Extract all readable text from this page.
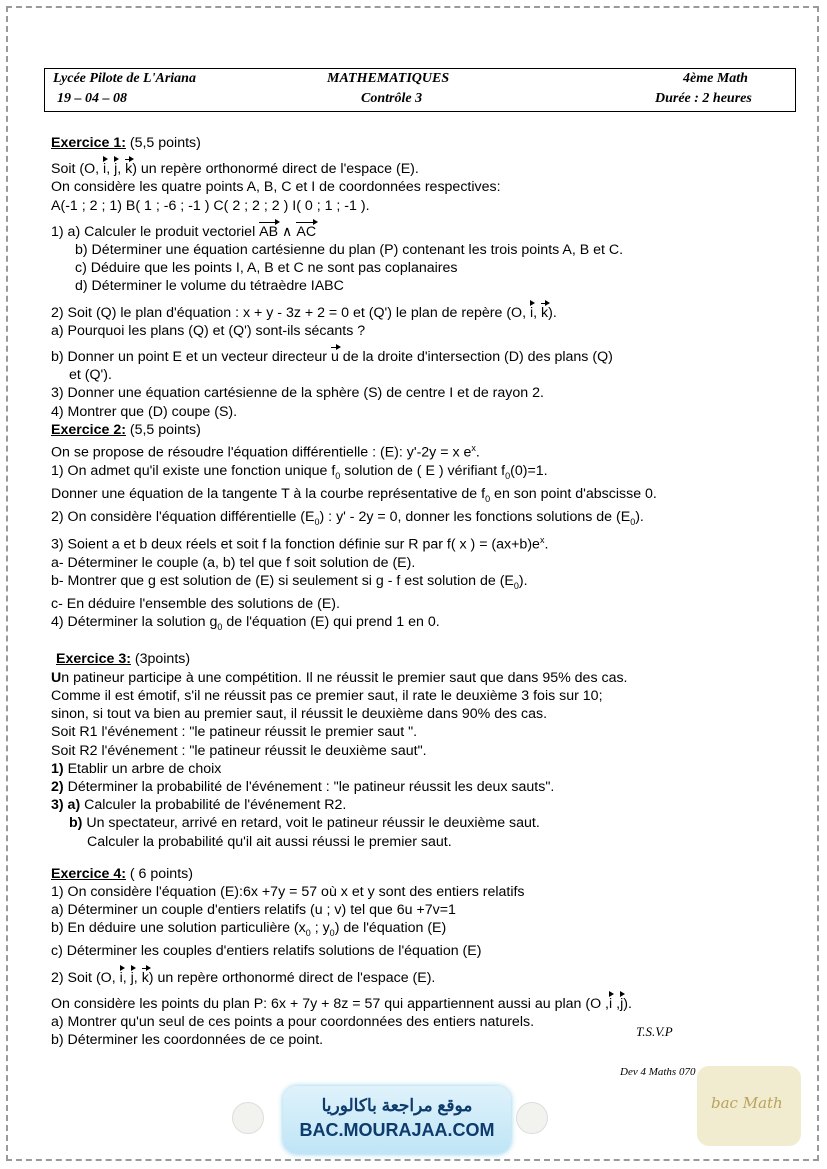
Lycée Pilote de L'Ariana	MATHEMATIQUES	4ème Math
19 – 04 – 08	Contrôle 3	Durée : 2 heures
Exercice 1: (5,5 points)
Soit (O, i, j, k) un repère orthonormé direct de l'espace (E).
On considère les quatre points A, B, C et I de coordonnées respectives:
A(-1 ; 2 ; 1) B( 1 ; -6 ; -1 ) C( 2 ; 2 ; 2 ) I( 0 ; 1 ; -1 ).
1) a) Calculer le produit vectoriel AB ∧ AC
b) Déterminer une équation cartésienne du plan (P) contenant les trois points A, B et C.
c) Déduire que les points I, A, B et C ne sont pas coplanaires
d) Déterminer le volume du tétraèdre IABC
2) Soit (Q) le plan d'équation : x + y - 3z + 2 = 0 et (Q') le plan de repère (O, i, k).
a) Pourquoi les plans (Q) et (Q') sont-ils sécants ?
b) Donner un point E et un vecteur directeur u de la droite d'intersection (D) des plans (Q)
et (Q').
3) Donner une équation cartésienne de la sphère (S) de centre I et de rayon 2.
4) Montrer que (D) coupe (S).
Exercice 2: (5,5 points)
On se propose de résoudre l'équation différentielle : (E): y'-2y = x $e^x$.
1) On admet qu'il existe une fonction unique $f_0$ solution de ( E ) vérifiant $f_0(0)=1$.
Donner une équation de la tangente T à la courbe représentative de $f_0$ en son point d'abscisse 0.
2) On considère l'équation différentielle $(E_0)$ : y' - 2y = 0, donner les fonctions solutions de $(E_0)$.
3) Soient a et b deux réels et soit f la fonction définie sur R par f( x ) = $(ax+b)e^x$.
a- Déterminer le couple (a, b) tel que f soit solution de (E).
b- Montrer que g est solution de (E) si seulement si g - f est solution de $(E_0)$.
c- En déduire l'ensemble des solutions de (E).
4) Déterminer la solution $g_0$ de l'équation (E) qui prend 1 en 0.
Exercice 3: (3points)
Un patineur participe à une compétition. Il ne réussit le premier saut que dans 95% des cas.
Comme il est émotif, s'il ne réussit pas ce premier saut, il rate le deuxième 3 fois sur 10;
sinon, si tout va bien au premier saut, il réussit le deuxième dans 90% des cas.
Soit R1 l'événement : "le patineur réussit le premier saut ".
Soit R2 l'événement : "le patineur réussit le deuxième saut".
1) Etablir un arbre de choix
2) Déterminer la probabilité de l'événement : "le patineur réussit les deux sauts".
3) a) Calculer la probabilité de l'événement R2.
b) Un spectateur, arrivé en retard, voit le patineur réussir le deuxième saut.
Calculer la probabilité qu'il ait aussi réussi le premier saut.
Exercice 4: ( 6 points)
1) On considère l'équation (E):6x +7y = 57 où x et y sont des entiers relatifs
a) Déterminer un couple d'entiers relatifs (u ; v) tel que 6u +7v=1
b) En déduire une solution particulière ($x_0$ ; $y_0$) de l'équation (E)
c) Déterminer les couples d'entiers relatifs solutions de l'équation (E)
2) Soit (O, i, j, k) un repère orthonormé direct de l'espace (E).
On considère les points du plan P: 6x + 7y + 8z = 57 qui appartiennent aussi au plan (O ,i ,j).
a) Montrer qu'un seul de ces points a pour coordonnées des entiers naturels.
b) Déterminer les coordonnées de ce point.
T.S.V.P
Dev 4 Maths 070
موقع مراجعة باكالوريا
BAC.MOURAJAA.COM
bac Math
